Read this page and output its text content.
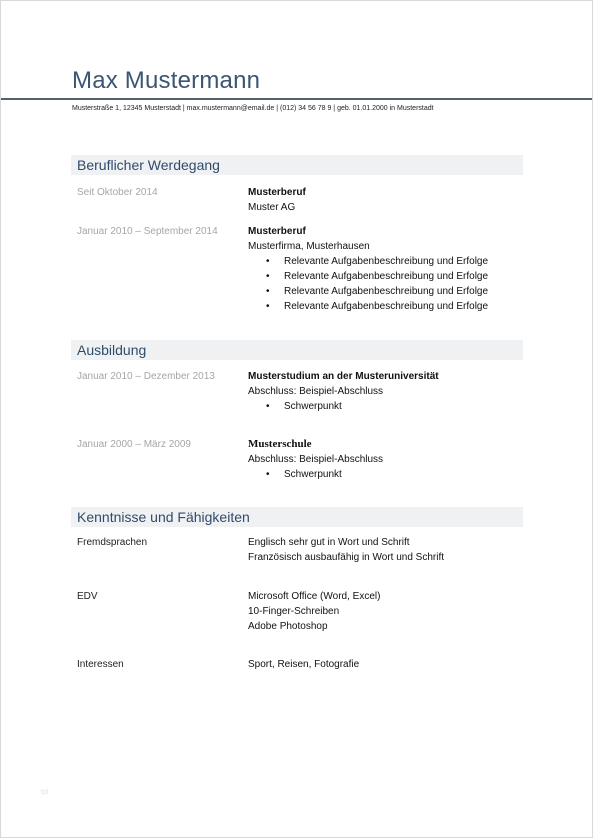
Max Mustermann
Musterstraße 1, 12345 Musterstadt | max.mustermann@email.de | (012) 34 56 78 9 | geb. 01.01.2000 in Musterstadt
Beruflicher Werdegang
Seit Oktober 2014	Musterberuf
Muster AG
Januar 2010 – September 2014	Musterberuf
Musterfirma, Musterhausen
• Relevante Aufgabenbeschreibung und Erfolge
• Relevante Aufgabenbeschreibung und Erfolge
• Relevante Aufgabenbeschreibung und Erfolge
• Relevante Aufgabenbeschreibung und Erfolge
Ausbildung
Januar 2010 – Dezember 2013	Musterstudium an der Musteruniversität
Abschluss: Beispiel-Abschluss
• Schwerpunkt
Januar 2000 – März 2009	Musterschule
Abschluss: Beispiel-Abschluss
• Schwerpunkt
Kenntnisse und Fähigkeiten
Fremdsprachen	Englisch sehr gut in Wort und Schrift
Französisch ausbaufähig in Wort und Schrift
EDV	Microsoft Office (Word, Excel)
10-Finger-Schreiben
Adobe Photoshop
Interessen	Sport, Reisen, Fotografie
tpl
